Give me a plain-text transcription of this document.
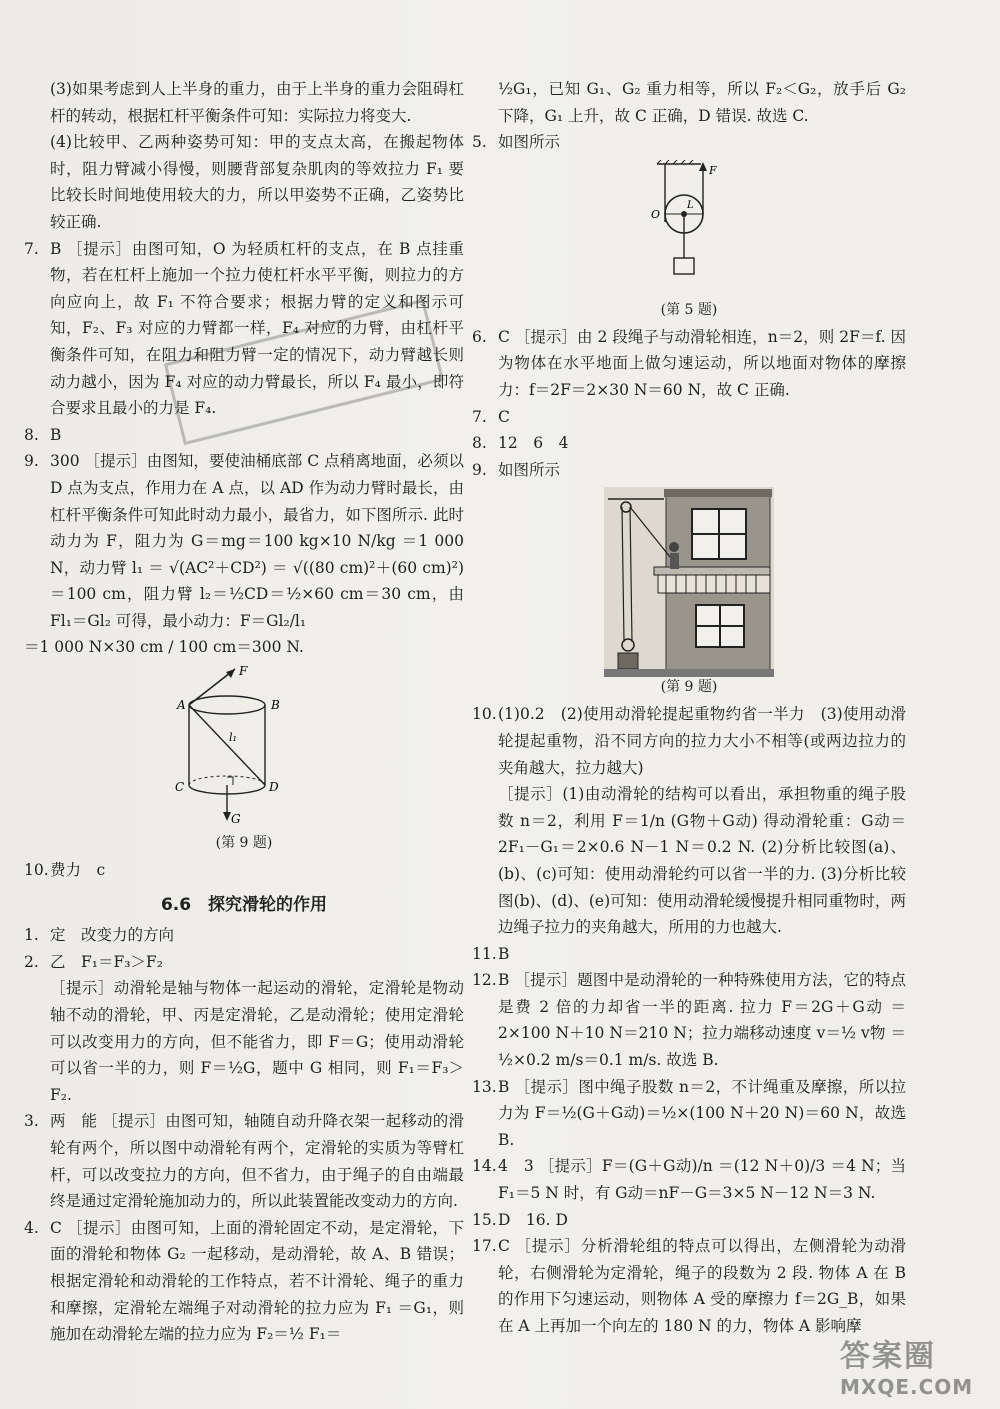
(3)如果考虑到人上半身的重力，由于上半身的重力会阻碍杠杆的转动，根据杠杆平衡条件可知：实际拉力将变大.

(4)比较甲、乙两种姿势可知：甲的支点太高，在搬起物体时，阻力臂减小得慢，则腰背部复杂肌肉的等效拉力 F₁ 要比较长时间地使用较大的力，所以甲姿势不正确，乙姿势比较正确.

7. B ［提示］由图可知，O 为轻质杠杆的支点，在 B 点挂重物，若在杠杆上施加一个拉力使杠杆水平平衡，则拉力的方向应向上，故 F₁ 不符合要求；根据力臂的定义和图示可知，F₂、F₃ 对应的力臂都一样，F₄ 对应的力臂，由杠杆平衡条件可知，在阻力和阻力臂一定的情况下，动力臂越长则动力越小，因为 F₄ 对应的动力臂最长，所以 F₄ 最小，即符合要求且最小的力是 F₄.
8. B
9. 300 ［提示］由图知，要使油桶底部 C 点稍离地面，必须以 D 点为支点，作用力在 A 点，以 AD 作为动力臂时最长，由杠杆平衡条件可知此时动力最小，最省力，如下图所示. 此时动力为 F，阻力为 G＝mg＝100 kg×10 N/kg ＝1 000 N，动力臂 l₁ ＝ √(AC²＋CD²) ＝ √((80 cm)²＋(60 cm)²)＝100 cm，阻力臂 l₂＝½CD＝½×60 cm＝30 cm，由 Fl₁＝Gl₂ 可得，最小动力：F＝Gl₂/l₁

＝1 000 N×30 cm / 100 cm＝300 N.

A	B
C	D
F
l₁
G
(第 9 题)
10. 费力　c
6.6　探究滑轮的作用
1. 定　改变力的方向
2. 乙　F₁＝F₃＞F₂

［提示］动滑轮是轴与物体一起运动的滑轮，定滑轮是物动轴不动的滑轮，甲、丙是定滑轮，乙是动滑轮；使用定滑轮可以改变用力的方向，但不能省力，即 F＝G；使用动滑轮可以省一半的力，则 F＝½G，题中 G 相同，则 F₁＝F₃＞F₂.

3. 两　能 ［提示］由图可知，轴随自动升降衣架一起移动的滑轮有两个，所以图中动滑轮有两个，定滑轮的实质为等臂杠杆，可以改变拉力的方向，但不省力，由于绳子的自由端最终是通过定滑轮施加动力的，所以此装置能改变动力的方向.
4. C ［提示］由图可知，上面的滑轮固定不动，是定滑轮，下面的滑轮和物体 G₂ 一起移动，是动滑轮，故 A、B 错误；根据定滑轮和动滑轮的工作特点，若不计滑轮、绳子的重力和摩擦，定滑轮左端绳子对动滑轮的拉力应为 F₁ ＝G₁，则施加在动滑轮左端的拉力应为 F₂＝½ F₁＝

½G₁，已知 G₁、G₂ 重力相等，所以 F₂＜G₂，放手后 G₂ 下降，G₁ 上升，故 C 正确，D 错误. 故选 C.

5. 如图所示
O
F
L
(第 5 题)
6. C ［提示］由 2 段绳子与动滑轮相连，n＝2，则 2F＝f. 因为物体在水平地面上做匀速运动，所以地面对物体的摩擦力：f＝2F＝2×30 N＝60 N，故 C 正确.
7. C
8. 12　6　4
9. 如图所示
(第 9 题)
10. (1)0.2　(2)使用动滑轮提起重物约省一半力　(3)使用动滑轮提起重物，沿不同方向的拉力大小不相等(或两边拉力的夹角越大，拉力越大)

［提示］(1)由动滑轮的结构可以看出，承担物重的绳子股数 n＝2，利用 F＝1/n (G物＋G动) 得动滑轮重：G动＝2F₁－G₁＝2×0.6 N－1 N＝0.2 N. (2)分析比较图(a)、(b)、(c)可知：使用动滑轮约可以省一半的力. (3)分析比较图(b)、(d)、(e)可知：使用动滑轮缓慢提升相同重物时，两边绳子拉力的夹角越大，所用的力也越大.

11. B
12. B ［提示］题图中是动滑轮的一种特殊使用方法，它的特点是费 2 倍的力却省一半的距离. 拉力 F＝2G＋G动 ＝2×100 N＋10 N＝210 N；拉力端移动速度 v＝½ v物 ＝½×0.2 m/s＝0.1 m/s. 故选 B.
13. B ［提示］图中绳子股数 n＝2，不计绳重及摩擦，所以拉力为 F＝½(G＋G动)＝½×(100 N＋20 N)＝60 N，故选 B.
14. 4　3 ［提示］F＝(G＋G动)/n ＝(12 N＋0)/3 ＝4 N；当 F₁＝5 N 时，有 G动＝nF－G＝3×5 N－12 N＝3 N.
15. D　16. D
17. C ［提示］分析滑轮组的特点可以得出，左侧滑轮为动滑轮，右侧滑轮为定滑轮，绳子的段数为 2 段. 物体 A 在 B 的作用下匀速运动，则物体 A 受的摩擦力 f＝2G_B，如果在 A 上再加一个向左的 180 N 的力，物体 A 影响摩
答案圈
MXQE.COM
